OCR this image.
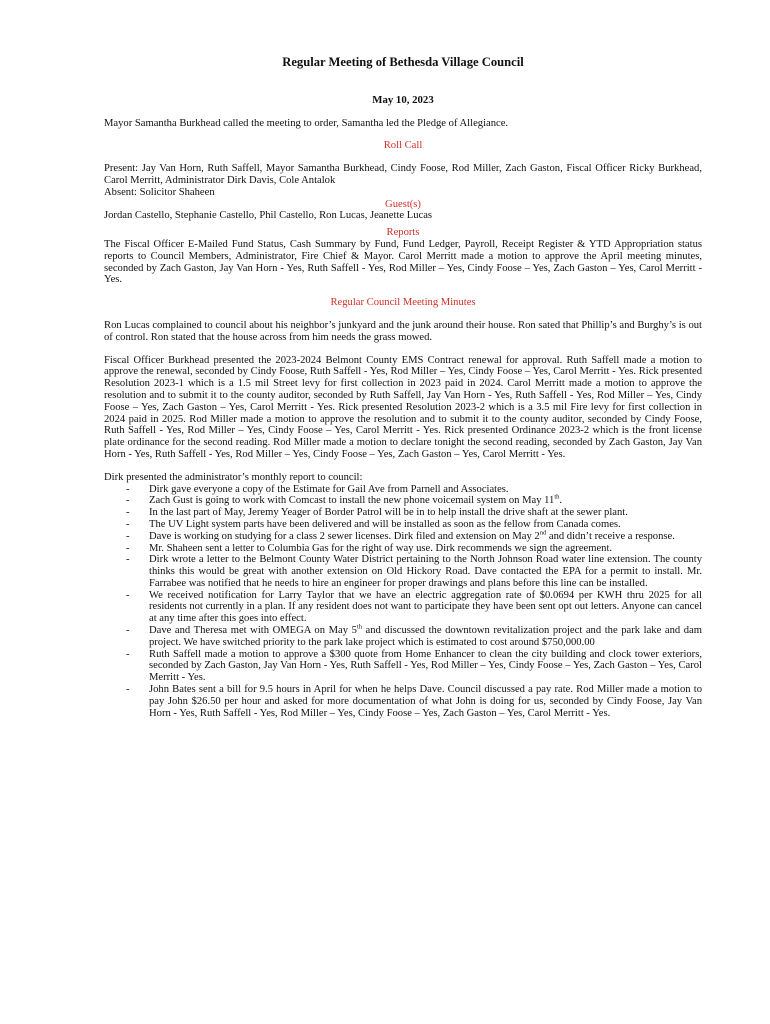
Regular Meeting of Bethesda Village Council
May 10, 2023

Mayor Samantha Burkhead called the meeting to order, Samantha led the Pledge of Allegiance.

Roll Call

Present: Jay Van Horn, Ruth Saffell, Mayor Samantha Burkhead, Cindy Foose, Rod Miller, Zach Gaston, Fiscal Officer Ricky Burkhead, Carol Merritt, Administrator Dirk Davis, Cole Antalok

Absent: Solicitor Shaheen

Guest(s)

Jordan Castello, Stephanie Castello, Phil Castello, Ron Lucas, Jeanette Lucas

Reports

The Fiscal Officer E-Mailed Fund Status, Cash Summary by Fund, Fund Ledger, Payroll, Receipt Register & YTD Appropriation status reports to Council Members, Administrator, Fire Chief & Mayor. Carol Merritt made a motion to approve the April meeting minutes, seconded by Zach Gaston, Jay Van Horn - Yes, Ruth Saffell - Yes, Rod Miller – Yes, Cindy Foose – Yes, Zach Gaston – Yes, Carol Merritt - Yes.

Regular Council Meeting Minutes

Ron Lucas complained to council about his neighbor’s junkyard and the junk around their house. Ron sated that Phillip’s and Burghy’s is out of control. Ron stated that the house across from him needs the grass mowed.

Fiscal Officer Burkhead presented the 2023-2024 Belmont County EMS Contract renewal for approval. Ruth Saffell made a motion to approve the renewal, seconded by Cindy Foose, Ruth Saffell - Yes, Rod Miller – Yes, Cindy Foose – Yes, Carol Merritt - Yes. Rick presented Resolution 2023-1 which is a 1.5 mil Street levy for first collection in 2023 paid in 2024. Carol Merritt made a motion to approve the resolution and to submit it to the county auditor, seconded by Ruth Saffell, Jay Van Horn - Yes, Ruth Saffell - Yes, Rod Miller – Yes, Cindy Foose – Yes, Zach Gaston – Yes, Carol Merritt - Yes. Rick presented Resolution 2023-2 which is a 3.5 mil Fire levy for first collection in 2024 paid in 2025. Rod Miller made a motion to approve the resolution and to submit it to the county auditor, seconded by Cindy Foose, Ruth Saffell - Yes, Rod Miller – Yes, Cindy Foose – Yes, Carol Merritt - Yes. Rick presented Ordinance 2023-2 which is the front license plate ordinance for the second reading. Rod Miller made a motion to declare tonight the second reading, seconded by Zach Gaston, Jay Van Horn - Yes, Ruth Saffell - Yes, Rod Miller – Yes, Cindy Foose – Yes, Zach Gaston – Yes, Carol Merritt - Yes.

Dirk presented the administrator’s monthly report to council:

- Dirk gave everyone a copy of the Estimate for Gail Ave from Parnell and Associates.
- Zach Gust is going to work with Comcast to install the new phone voicemail system on May 11th.
- In the last part of May, Jeremy Yeager of Border Patrol will be in to help install the drive shaft at the sewer plant.
- The UV Light system parts have been delivered and will be installed as soon as the fellow from Canada comes.
- Dave is working on studying for a class 2 sewer licenses. Dirk filed and extension on May 2nd and didn’t receive a response.
- Mr. Shaheen sent a letter to Columbia Gas for the right of way use. Dirk recommends we sign the agreement.
- Dirk wrote a letter to the Belmont County Water District pertaining to the North Johnson Road water line extension. The county thinks this would be great with another extension on Old Hickory Road. Dave contacted the EPA for a permit to install. Mr. Farrabee was notified that he needs to hire an engineer for proper drawings and plans before this line can be installed.
- We received notification for Larry Taylor that we have an electric aggregation rate of $0.0694 per KWH thru 2025 for all residents not currently in a plan. If any resident does not want to participate they have been sent opt out letters. Anyone can cancel at any time after this goes into effect.
- Dave and Theresa met with OMEGA on May 5th and discussed the downtown revitalization project and the park lake and dam project. We have switched priority to the park lake project which is estimated to cost around $750,000.00
- Ruth Saffell made a motion to approve a $300 quote from Home Enhancer to clean the city building and clock tower exteriors, seconded by Zach Gaston, Jay Van Horn - Yes, Ruth Saffell - Yes, Rod Miller – Yes, Cindy Foose – Yes, Zach Gaston – Yes, Carol Merritt - Yes.
- John Bates sent a bill for 9.5 hours in April for when he helps Dave. Council discussed a pay rate. Rod Miller made a motion to pay John $26.50 per hour and asked for more documentation of what John is doing for us, seconded by Cindy Foose, Jay Van Horn - Yes, Ruth Saffell - Yes, Rod Miller – Yes, Cindy Foose – Yes, Zach Gaston – Yes, Carol Merritt - Yes.
